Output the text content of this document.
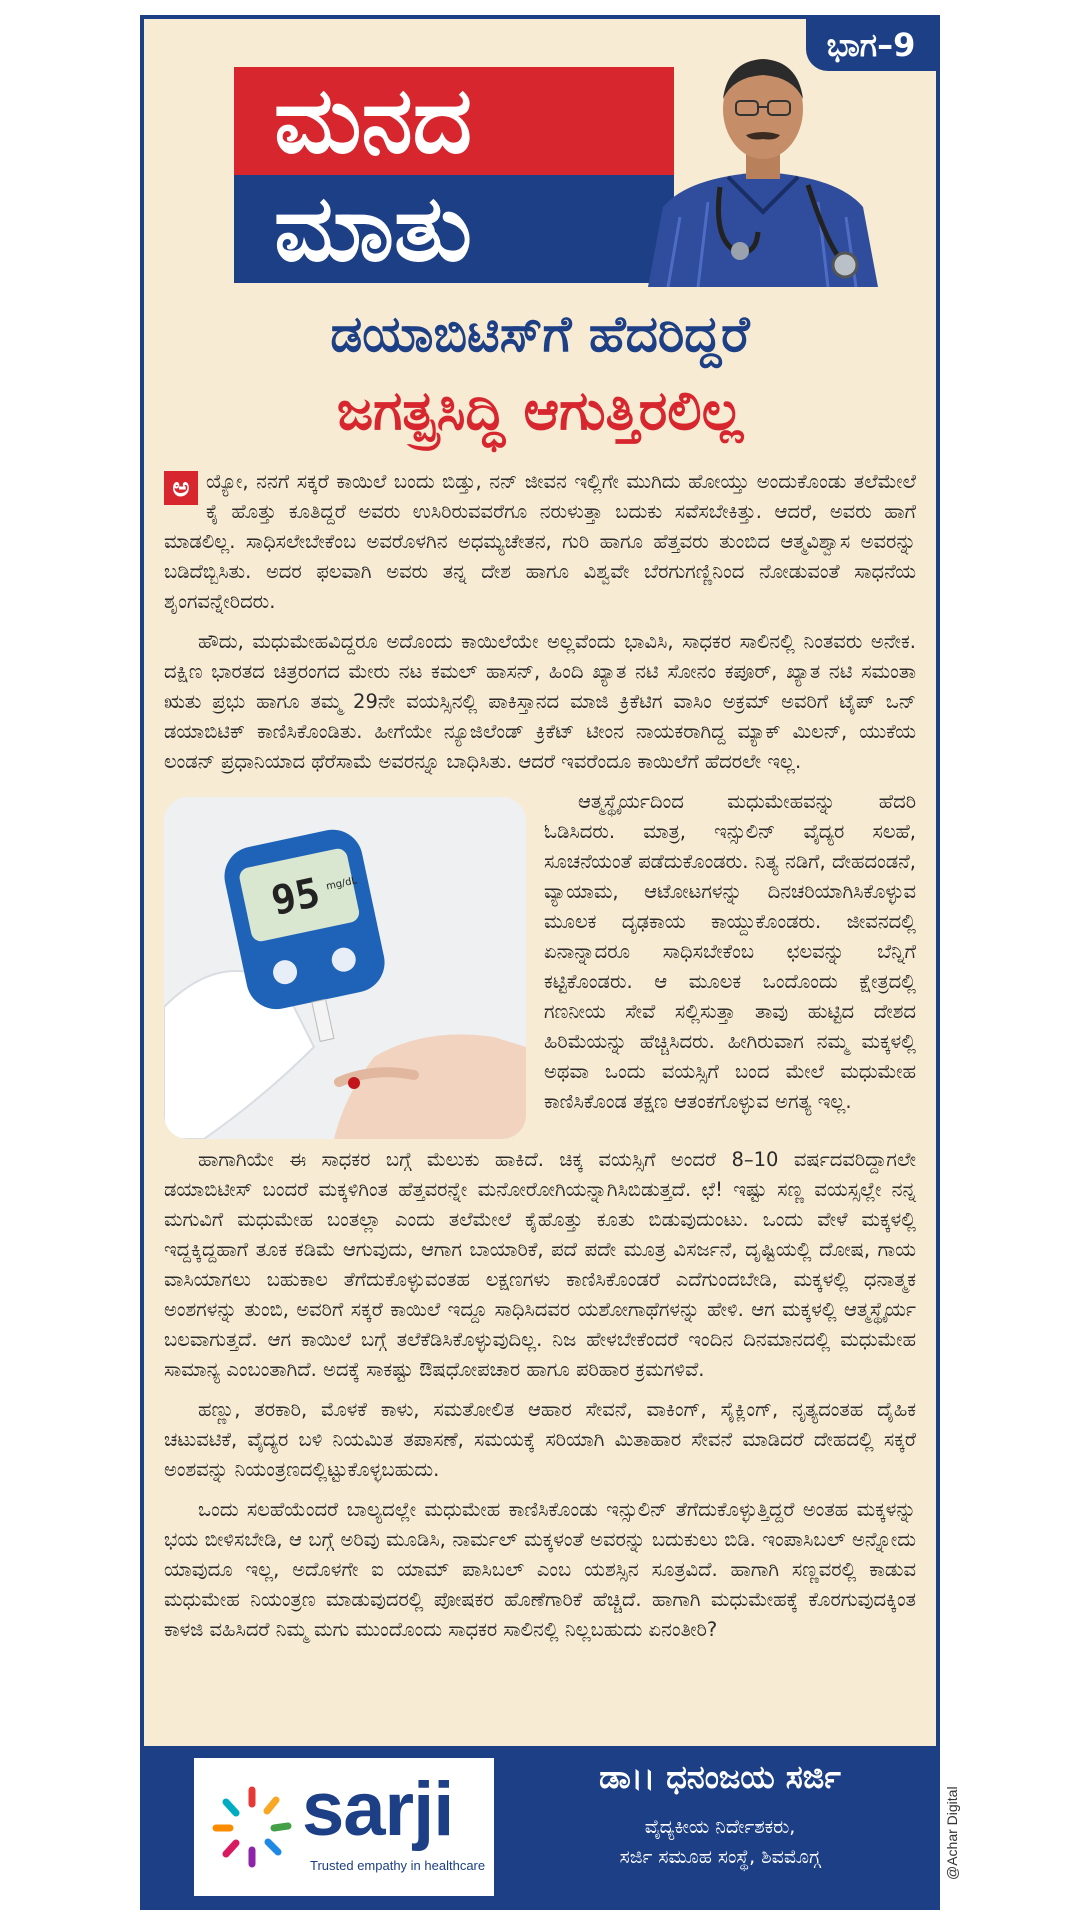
ಭಾಗ–9
ಮನದ
ಮಾತು
ಡಯಾಬಿಟಿಸ್‌ಗೆ ಹೆದರಿದ್ದರೆ
ಜಗತ್ಪ್ರಸಿದ್ಧಿ ಆಗುತ್ತಿರಲಿಲ್ಲ

ಅ ಯ್ಯೋ, ನನಗೆ ಸಕ್ಕರೆ ಕಾಯಿಲೆ ಬಂದು ಬಿಡ್ತು, ನನ್ ಜೀವನ ಇಲ್ಲಿಗೇ ಮುಗಿದು ಹೋಯ್ತು ಅಂದುಕೊಂಡು ತಲೆಮೇಲೆ ಕೈ ಹೊತ್ತು ಕೂತಿದ್ದರೆ ಅವರು ಉಸಿರಿರುವವರೆಗೂ ನರುಳುತ್ತಾ ಬದುಕು ಸವೆಸಬೇಕಿತ್ತು. ಆದರೆ, ಅವರು ಹಾಗೆ ಮಾಡಲಿಲ್ಲ. ಸಾಧಿಸಲೇಬೇಕೆಂಬ ಅವರೊಳಗಿನ ಅಧಮ್ಯಚೇತನ, ಗುರಿ ಹಾಗೂ ಹೆತ್ತವರು ತುಂಬಿದ ಆತ್ಮವಿಶ್ವಾಸ ಅವರನ್ನು ಬಡಿದೆಬ್ಬಿಸಿತು. ಅದರ ಫಲವಾಗಿ ಅವರು ತನ್ನ ದೇಶ ಹಾಗೂ ವಿಶ್ವವೇ ಬೆರಗುಗಣ್ಣಿನಿಂದ ನೋಡುವಂತೆ ಸಾಧನೆಯ ಶೃಂಗವನ್ನೇರಿದರು.

ಹೌದು, ಮಧುಮೇಹವಿದ್ದರೂ ಅದೊಂದು ಕಾಯಿಲೆಯೇ ಅಲ್ಲವೆಂದು ಭಾವಿಸಿ, ಸಾಧಕರ ಸಾಲಿನಲ್ಲಿ ನಿಂತವರು ಅನೇಕ. ದಕ್ಷಿಣ ಭಾರತದ ಚಿತ್ರರಂಗದ ಮೇರು ನಟ ಕಮಲ್ ಹಾಸನ್, ಹಿಂದಿ ಖ್ಯಾತ ನಟಿ ಸೋನಂ ಕಪೂರ್, ಖ್ಯಾತ ನಟಿ ಸಮಂತಾ ಋತು ಪ್ರಭು ಹಾಗೂ ತಮ್ಮ 29ನೇ ವಯಸ್ಸಿನಲ್ಲಿ ಪಾಕಿಸ್ತಾನದ ಮಾಜಿ ಕ್ರಿಕೆಟಿಗ ವಾಸಿಂ ಅಕ್ರಮ್ ಅವರಿಗೆ ಟೈಪ್ ಒನ್ ಡಯಾಬಿಟಿಕ್ ಕಾಣಿಸಿಕೊಂಡಿತು. ಹೀಗೆಯೇ ನ್ಯೂಜಿಲೆಂಡ್ ಕ್ರಿಕೆಟ್ ಟೀಂನ ನಾಯಕರಾಗಿದ್ದ ಮ್ಯಾಕ್ ಮಿಲನ್, ಯುಕೆಯ ಲಂಡನ್ ಪ್ರಧಾನಿಯಾದ ಥೆರೆಸಾಮೆ ಅವರನ್ನೂ ಬಾಧಿಸಿತು. ಆದರೆ ಇವರೆಂದೂ ಕಾಯಿಲೆಗೆ ಹೆದರಲೇ ಇಲ್ಲ.

95 mg/dL

ಆತ್ಮಸ್ಥೈರ್ಯದಿಂದ ಮಧುಮೇಹವನ್ನು ಹೆದರಿ ಓಡಿಸಿದರು. ಮಾತ್ರ, ಇನ್ಸುಲಿನ್ ವೈದ್ಯರ ಸಲಹೆ, ಸೂಚನೆಯಂತೆ ಪಡೆದುಕೊಂಡರು. ನಿತ್ಯ ನಡಿಗೆ, ದೇಹದಂಡನೆ, ವ್ಯಾಯಾಮ, ಆಟೋಟಗಳನ್ನು ದಿನಚರಿಯಾಗಿಸಿಕೊಳ್ಳುವ ಮೂಲಕ ದೃಢಕಾಯ ಕಾಯ್ದುಕೊಂಡರು. ಜೀವನದಲ್ಲಿ ಏನಾನ್ನಾದರೂ ಸಾಧಿಸಬೇಕೆಂಬ ಛಲವನ್ನು ಬೆನ್ನಿಗೆ ಕಟ್ಟಿಕೊಂಡರು. ಆ ಮೂಲಕ ಒಂದೊಂದು ಕ್ಷೇತ್ರದಲ್ಲಿ ಗಣನೀಯ ಸೇವೆ ಸಲ್ಲಿಸುತ್ತಾ ತಾವು ಹುಟ್ಟಿದ ದೇಶದ ಹಿರಿಮೆಯನ್ನು ಹೆಚ್ಚಿಸಿದರು. ಹೀಗಿರುವಾಗ ನಮ್ಮ ಮಕ್ಕಳಲ್ಲಿ ಅಥವಾ ಒಂದು ವಯಸ್ಸಿಗೆ ಬಂದ ಮೇಲೆ ಮಧುಮೇಹ ಕಾಣಿಸಿಕೊಂಡ ತಕ್ಷಣ ಆತಂಕಗೊಳ್ಳುವ ಅಗತ್ಯ ಇಲ್ಲ.

ಹಾಗಾಗಿಯೇ ಈ ಸಾಧಕರ ಬಗ್ಗೆ ಮೆಲುಕು ಹಾಕಿದೆ. ಚಿಕ್ಕ ವಯಸ್ಸಿಗೆ ಅಂದರೆ 8–10 ವರ್ಷದವರಿದ್ದಾಗಲೇ ಡಯಾಬಿಟೀಸ್ ಬಂದರೆ ಮಕ್ಕಳಿಗಿಂತ ಹೆತ್ತವರನ್ನೇ ಮನೋರೋಗಿಯನ್ನಾಗಿಸಿಬಿಡುತ್ತದೆ. ಛೆ! ಇಷ್ಟು ಸಣ್ಣ ವಯಸ್ಸಲ್ಲೇ ನನ್ನ ಮಗುವಿಗೆ ಮಧುಮೇಹ ಬಂತಲ್ಲಾ ಎಂದು ತಲೆಮೇಲೆ ಕೈಹೊತ್ತು ಕೂತು ಬಿಡುವುದುಂಟು. ಒಂದು ವೇಳೆ ಮಕ್ಕಳಲ್ಲಿ ಇದ್ದಕ್ಕಿದ್ದಹಾಗೆ ತೂಕ ಕಡಿಮೆ ಆಗುವುದು, ಆಗಾಗ ಬಾಯಾರಿಕೆ, ಪದೆ ಪದೇ ಮೂತ್ರ ವಿಸರ್ಜನೆ, ದೃಷ್ಟಿಯಲ್ಲಿ ದೋಷ, ಗಾಯ ವಾಸಿಯಾಗಲು ಬಹುಕಾಲ ತೆಗೆದುಕೊಳ್ಳುವಂತಹ ಲಕ್ಷಣಗಳು ಕಾಣಿಸಿಕೊಂಡರೆ ಎದೆಗುಂದಬೇಡಿ, ಮಕ್ಕಳಲ್ಲಿ ಧನಾತ್ಮಕ ಅಂಶಗಳನ್ನು ತುಂಬಿ, ಅವರಿಗೆ ಸಕ್ಕರೆ ಕಾಯಿಲೆ ಇದ್ದೂ ಸಾಧಿಸಿದವರ ಯಶೋಗಾಥೆಗಳನ್ನು ಹೇಳಿ. ಆಗ ಮಕ್ಕಳಲ್ಲಿ ಆತ್ಮಸ್ಥೈರ್ಯ ಬಲವಾಗುತ್ತದೆ. ಆಗ ಕಾಯಿಲೆ ಬಗ್ಗೆ ತಲೆಕೆಡಿಸಿಕೊಳ್ಳುವುದಿಲ್ಲ. ನಿಜ ಹೇಳಬೇಕೆಂದರೆ ಇಂದಿನ ದಿನಮಾನದಲ್ಲಿ ಮಧುಮೇಹ ಸಾಮಾನ್ಯ ಎಂಬಂತಾಗಿದೆ. ಅದಕ್ಕೆ ಸಾಕಷ್ಟು ಔಷಧೋಪಚಾರ ಹಾಗೂ ಪರಿಹಾರ ಕ್ರಮಗಳಿವೆ.

ಹಣ್ಣು, ತರಕಾರಿ, ಮೊಳಕೆ ಕಾಳು, ಸಮತೋಲಿತ ಆಹಾರ ಸೇವನೆ, ವಾಕಿಂಗ್, ಸೈಕ್ಲಿಂಗ್, ನೃತ್ಯದಂತಹ ದೈಹಿಕ ಚಟುವಟಿಕೆ, ವೈದ್ಯರ ಬಳಿ ನಿಯಮಿತ ತಪಾಸಣೆ, ಸಮಯಕ್ಕೆ ಸರಿಯಾಗಿ ಮಿತಾಹಾರ ಸೇವನೆ ಮಾಡಿದರೆ ದೇಹದಲ್ಲಿ ಸಕ್ಕರೆ ಅಂಶವನ್ನು ನಿಯಂತ್ರಣದಲ್ಲಿಟ್ಟುಕೊಳ್ಳಬಹುದು.

ಒಂದು ಸಲಹೆಯೆಂದರೆ ಬಾಲ್ಯದಲ್ಲೇ ಮಧುಮೇಹ ಕಾಣಿಸಿಕೊಂಡು ಇನ್ಸುಲಿನ್ ತೆಗೆದುಕೊಳ್ಳುತ್ತಿದ್ದರೆ ಅಂತಹ ಮಕ್ಕಳನ್ನು ಭಯ ಬೀಳಿಸಬೇಡಿ, ಆ ಬಗ್ಗೆ ಅರಿವು ಮೂಡಿಸಿ, ನಾರ್ಮಲ್ ಮಕ್ಕಳಂತೆ ಅವರನ್ನು ಬದುಕುಲು ಬಿಡಿ. ಇಂಪಾಸಿಬಲ್ ಅನ್ನೋದು ಯಾವುದೂ ಇಲ್ಲ, ಅದೊಳಗೇ ಐ ಯಾಮ್ ಪಾಸಿಬಲ್ ಎಂಬ ಯಶಸ್ಸಿನ ಸೂತ್ರವಿದೆ. ಹಾಗಾಗಿ ಸಣ್ಣವರಲ್ಲಿ ಕಾಡುವ ಮಧುಮೇಹ ನಿಯಂತ್ರಣ ಮಾಡುವುದರಲ್ಲಿ ಪೋಷಕರ ಹೊಣೆಗಾರಿಕೆ ಹೆಚ್ಚಿದೆ. ಹಾಗಾಗಿ ಮಧುಮೇಹಕ್ಕೆ ಕೊರಗುವುದಕ್ಕಿಂತ ಕಾಳಜಿ ವಹಿಸಿದರೆ ನಿಮ್ಮ ಮಗು ಮುಂದೊಂದು ಸಾಧಕರ ಸಾಲಿನಲ್ಲಿ ನಿಲ್ಲಬಹುದು ಏನಂತೀರಿ?

sarji
Trusted empathy in healthcare
ಡಾ।। ಧನಂಜಯ ಸರ್ಜಿ
ವೈದ್ಯಕೀಯ ನಿರ್ದೇಶಕರು,
ಸರ್ಜಿ ಸಮೂಹ ಸಂಸ್ಥೆ, ಶಿವಮೊಗ್ಗ	@Achar Digital
